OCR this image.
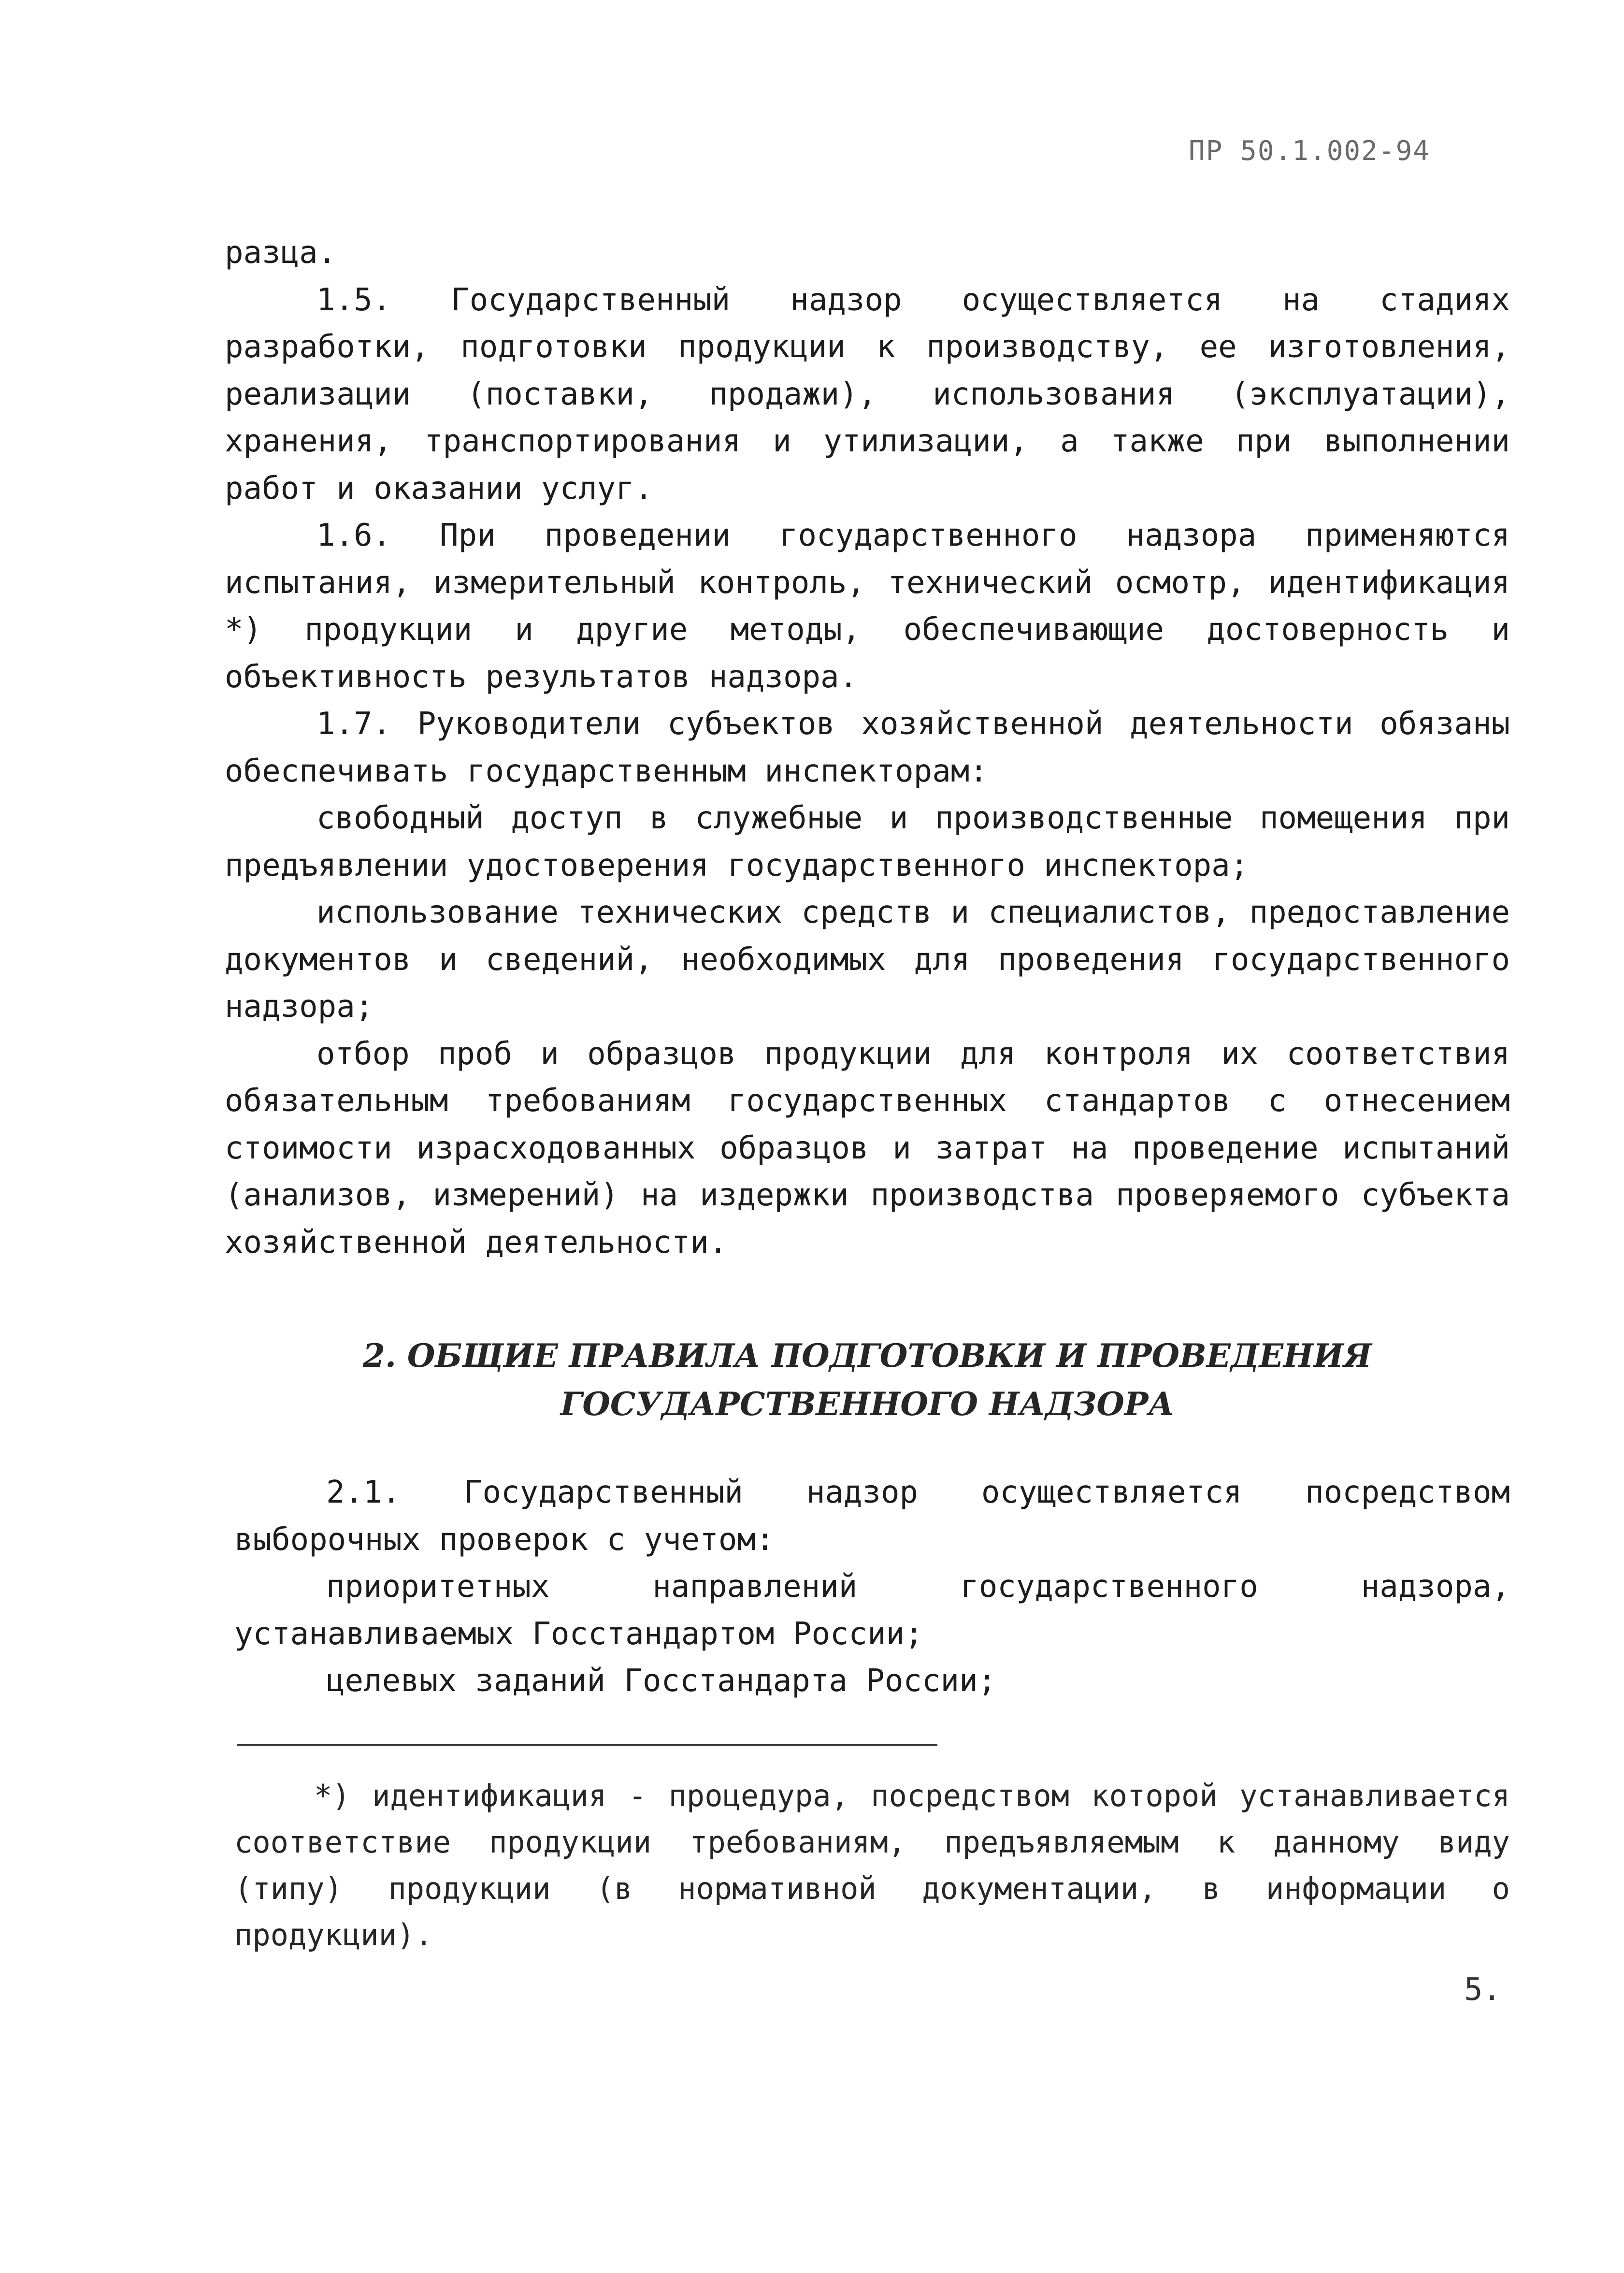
ПР 50.1.002-94

разца.

1.5. Государственный надзор осуществляется на стадиях разработки, подготовки продукции к производству, ее изготовления, реализации (поставки, продажи), использования (эксплуатации), хранения, транспортирования и утилизации, а также при выполнении работ и оказании услуг.

1.6. При проведении государственного надзора применяются испытания, измерительный контроль, технический осмотр, идентификация *) продукции и другие методы, обеспечивающие достоверность и объективность результатов надзора.

1.7. Руководители субъектов хозяйственной деятельности обязаны обеспечивать государственным инспекторам:

свободный доступ в служебные и производственные помещения при предъявлении удостоверения государственного инспектора;

использование технических средств и специалистов, предоставление документов и сведений, необходимых для проведения государственного надзора;

отбор проб и образцов продукции для контроля их соответствия обязательным требованиям государственных стандартов с отнесением стоимости израсходованных образцов и затрат на проведение испытаний (анализов, измерений) на издержки производства проверяемого субъекта хозяйственной деятельности.

2. ОБЩИЕ ПРАВИЛА ПОДГОТОВКИ И ПРОВЕДЕНИЯ
ГОСУДАРСТВЕННОГО НАДЗОРА

2.1. Государственный надзор осуществляется посредством выборочных проверок с учетом:

приоритетных направлений государственного надзора, устанавливаемых Госстандартом России;

целевых заданий Госстандарта России;

*) идентификация - процедура, посредством которой устанавливается соответствие продукции требованиям, предъявляемым к данному виду (типу) продукции (в нормативной документации, в информации о продукции).
5.
